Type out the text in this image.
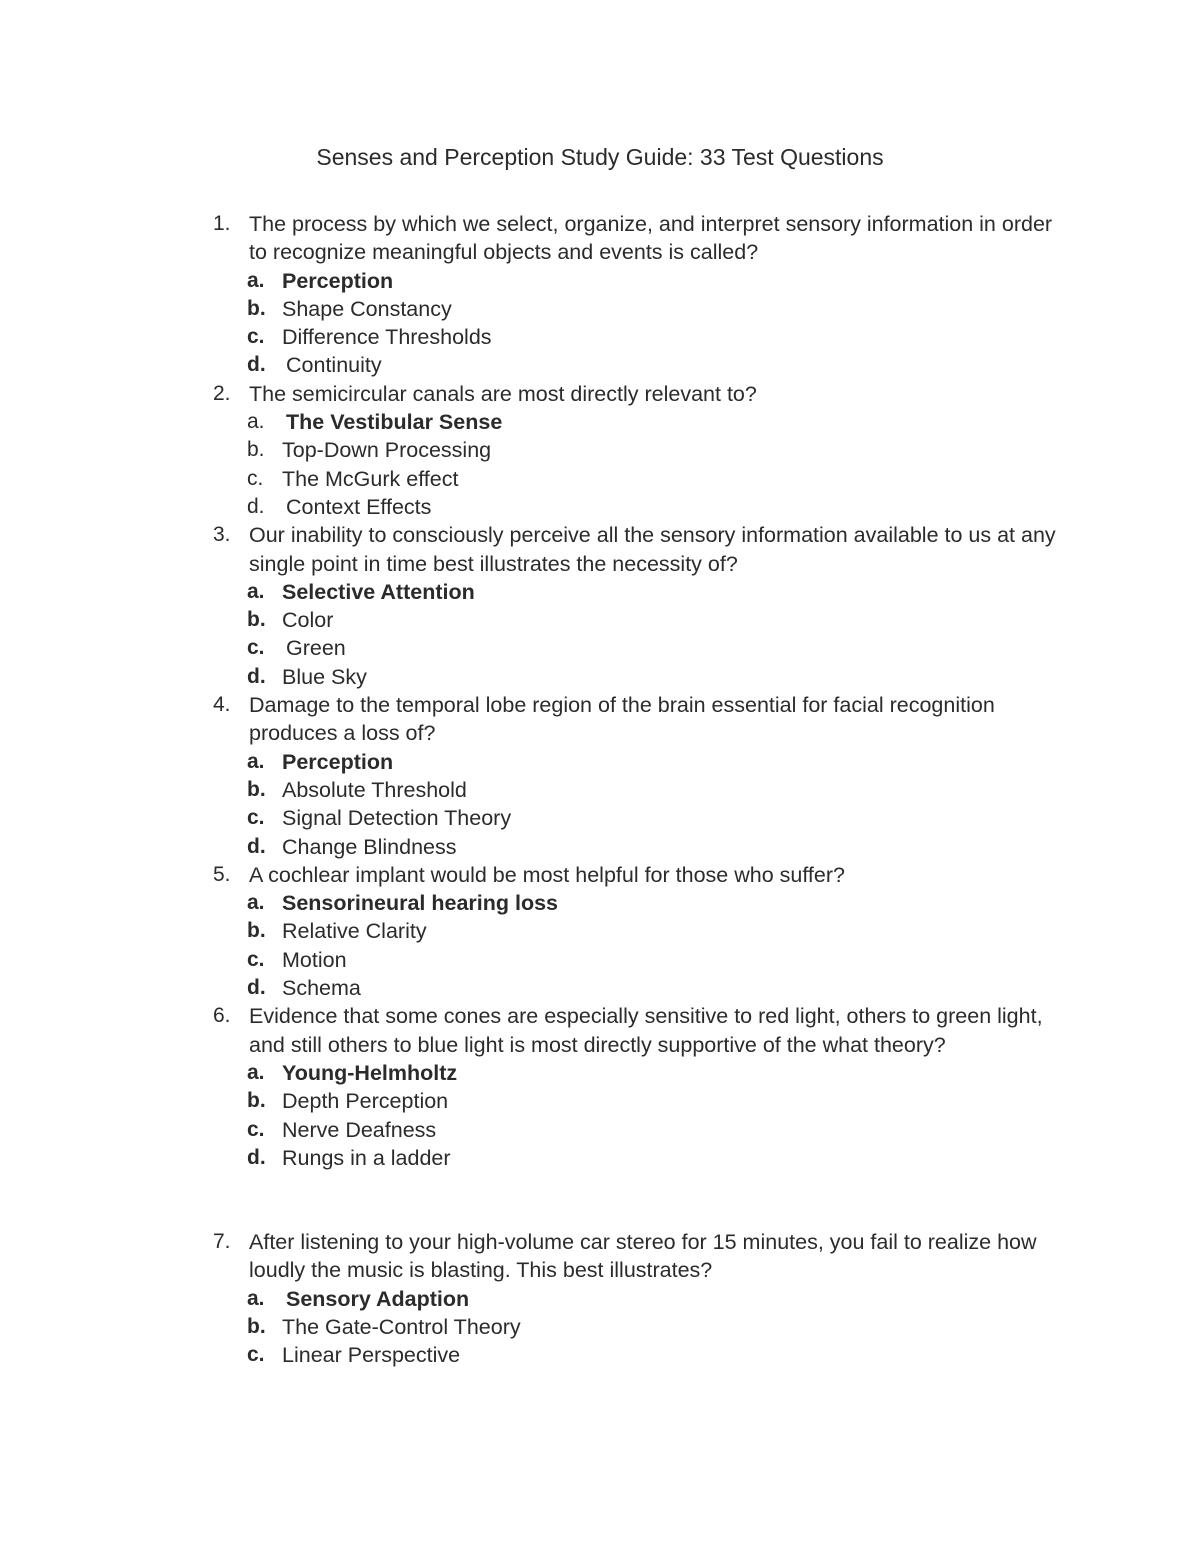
Senses and Perception Study Guide: 33 Test Questions
1. The process by which we select, organize, and interpret sensory information in order to recognize meaningful objects and events is called?
a. Perception
b. Shape Constancy
c. Difference Thresholds
d. Continuity
2. The semicircular canals are most directly relevant to?
a. The Vestibular Sense
b. Top-Down Processing
c. The McGurk effect
d. Context Effects
3. Our inability to consciously perceive all the sensory information available to us at any single point in time best illustrates the necessity of?
a. Selective Attention
b. Color
c. Green
d. Blue Sky
4. Damage to the temporal lobe region of the brain essential for facial recognition produces a loss of?
a. Perception
b. Absolute Threshold
c. Signal Detection Theory
d. Change Blindness
5. A cochlear implant would be most helpful for those who suffer?
a. Sensorineural hearing loss
b. Relative Clarity
c. Motion
d. Schema
6. Evidence that some cones are especially sensitive to red light, others to green light, and still others to blue light is most directly supportive of the what theory?
a. Young-Helmholtz
b. Depth Perception
c. Nerve Deafness
d. Rungs in a ladder
7. After listening to your high-volume car stereo for 15 minutes, you fail to realize how loudly the music is blasting. This best illustrates?
a. Sensory Adaption
b. The Gate-Control Theory
c. Linear Perspective
